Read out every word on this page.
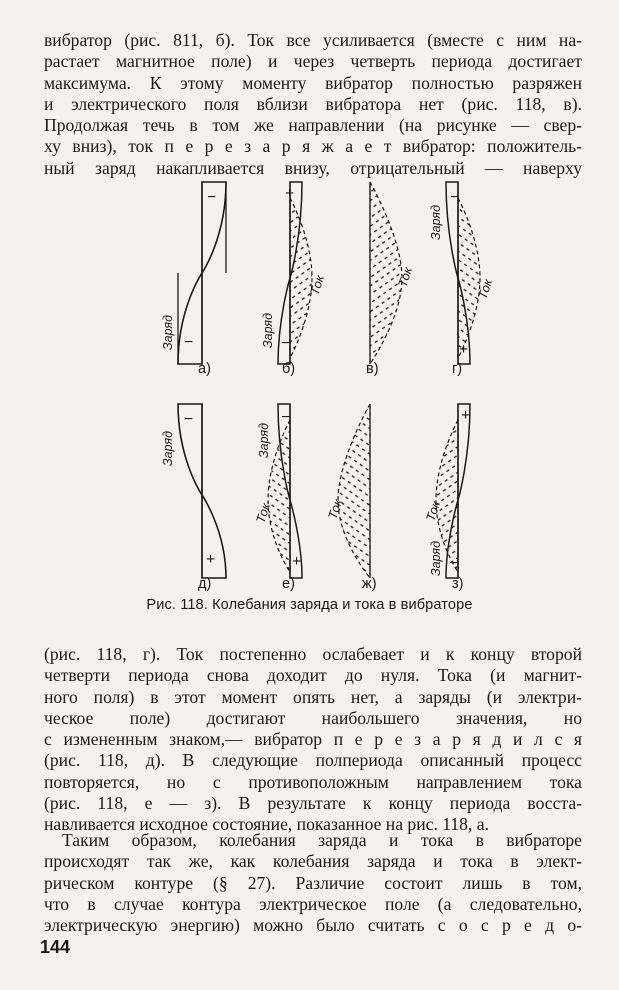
вибратор (рис. 811, б). Ток все усиливается (вместе с ним на-
растает магнитное поле) и через четверть периода достигает
максимума. К этому моменту вибратор полностью разряжен
и электрического поля вблизи вибратора нет (рис. 118, в).
Продолжая течь в том же направлении (на рисунке — свер-
ху вниз), ток п е р е з а р я ж а е т вибратор: положитель-
ный заряд накапливается внизу, отрицательный — наверху
−
−
Заряд
а)
+
−
Заряд
Ток
б)
Ток
в)
−
+
Заряд
Ток
г)
−
+
Заряд
д)
−
+
Заряд
Ток
е)
Ток
ж)
+
−
Заряд
Ток
з)
Рис. 118. Колебания заряда и тока в вибраторе
(рис. 118, г). Ток постепенно ослабевает и к концу второй
четверти периода снова доходит до нуля. Тока (и магнит-
ного поля) в этот момент опять нет, а заряды (и электри-
ческое поле) достигают наибольшего значения, но
с измененным знаком,— вибратор п е р е з а р я д и л с я
(рис. 118, д). В следующие полпериода описанный процесс
повторяется, но с противоположным направлением тока
(рис. 118, е — з). В результате к концу периода восста-
навливается исходное состояние, показанное на рис. 118, а.
Таким образом, колебания заряда и тока в вибраторе
происходят так же, как колебания заряда и тока в элект-
рическом контуре (§ 27). Различие состоит лишь в том,
что в случае контура электрическое поле (а следовательно,
электрическую энергию) можно было считать с о с р е д о-
144
